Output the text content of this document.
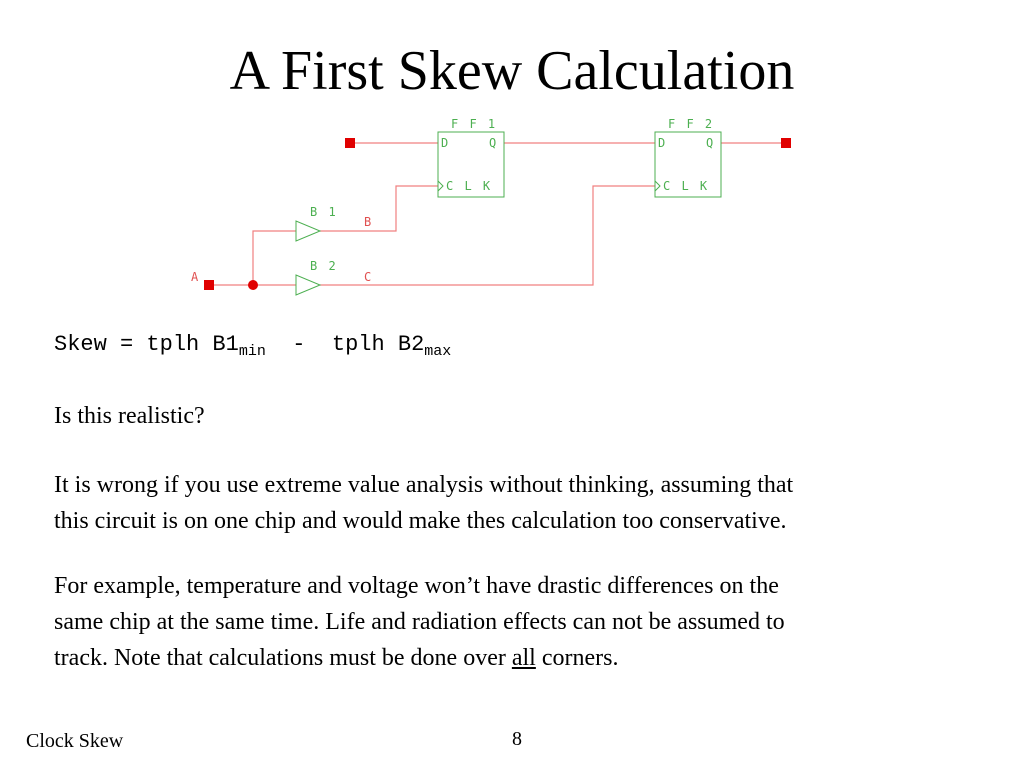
A First Skew Calculation
F F 1	F F 2
D	Q
C L K
D	Q
C L K
B 1
B 2
A
B
C
Skew = tplh $B1_{min}$  -  tplh $B2_{max}$
Is this realistic?
It is wrong if you use extreme value analysis without thinking, assuming that
this circuit is on one chip and would make thes calculation too conservative.
For example, temperature and voltage won’t have drastic differences on the
same chip at the same time. Life and radiation effects can not be assumed to
track. Note that calculations must be done over all corners.
Clock Skew	8
